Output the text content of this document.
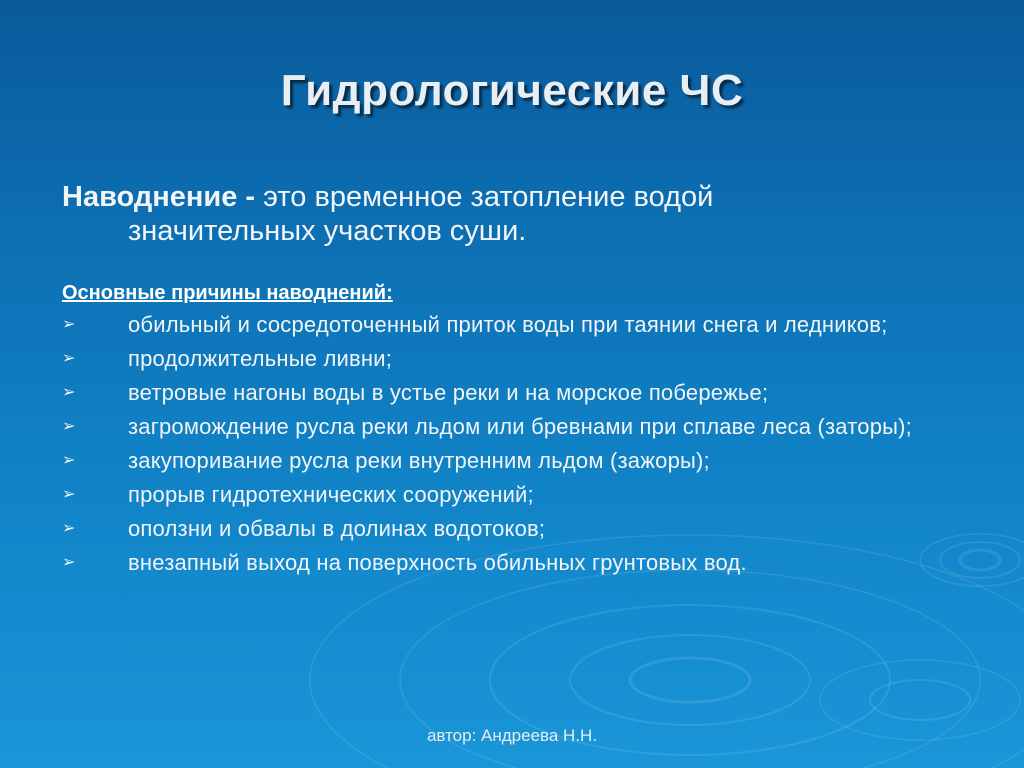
Гидрологические ЧС
Наводнение - это временное затопление водой
значительных участков суши.
Основные причины наводнений:
➢ обильный и сосредоточенный приток воды при таянии снега и ледников;
➢ продолжительные ливни;
➢ ветровые нагоны воды в устье реки и на морское побережье;
➢ загромождение русла реки льдом или бревнами при сплаве леса (заторы);
➢ закупоривание русла реки внутренним льдом (зажоры);
➢ прорыв гидротехнических сооружений;
➢ оползни и обвалы в долинах водотоков;
➢ внезапный выход на поверхность обильных грунтовых вод.
автор: Андреева Н.Н.
